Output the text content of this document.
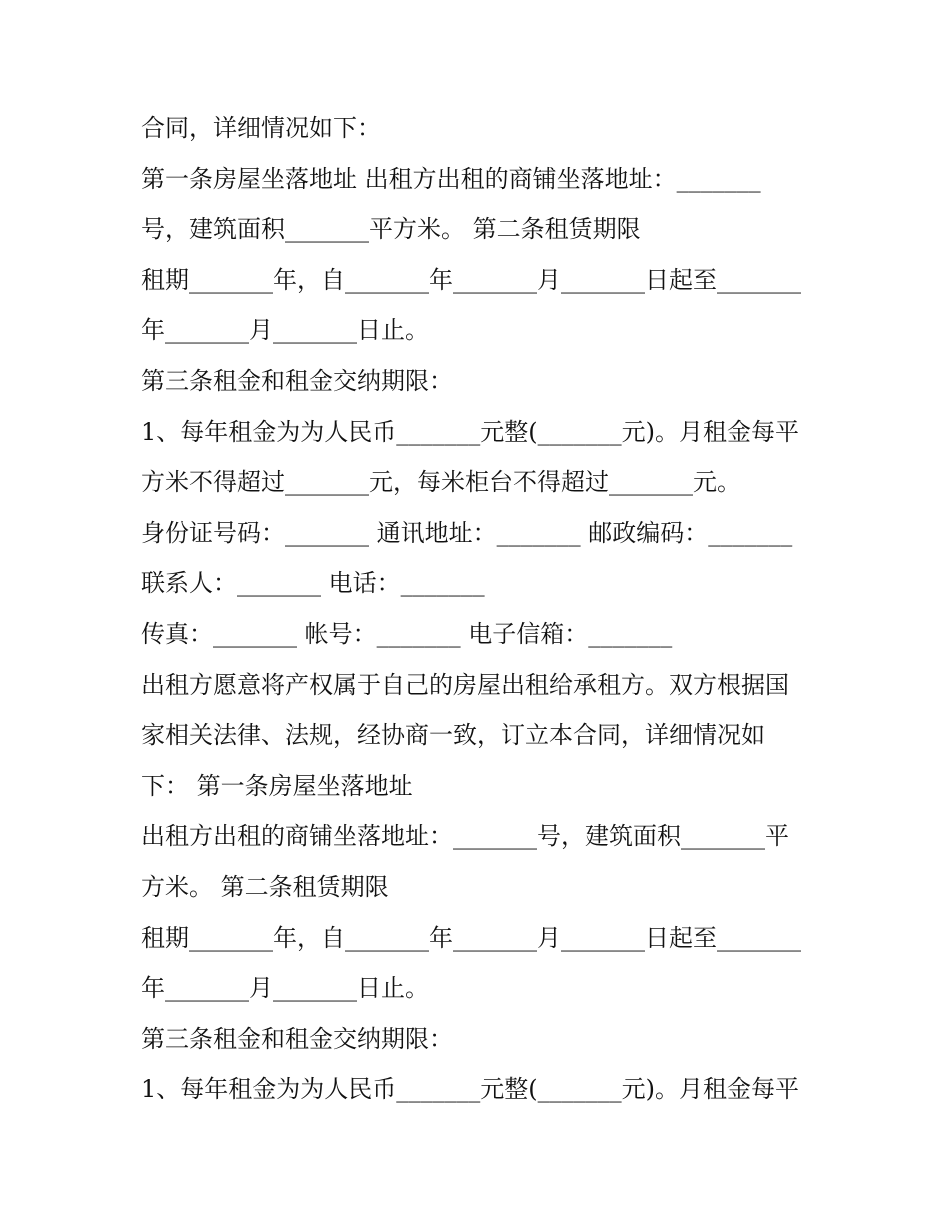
合同，详细情况如下：
第一条房屋坐落地址 出租方出租的商铺坐落地址：_______
号，建筑面积_______平方米。 第二条租赁期限
租期_______年，自_______年_______月_______日起至_______
年_______月_______日止。
第三条租金和租金交纳期限：
1、每年租金为为人民币_______元整(_______元)。月租金每平
方米不得超过_______元，每米柜台不得超过_______元。
身份证号码：_______ 通讯地址：_______ 邮政编码：_______
联系人：_______ 电话：_______
传真：_______ 帐号：_______ 电子信箱：_______
出租方愿意将产权属于自己的房屋出租给承租方。双方根据国
家相关法律、法规，经协商一致，订立本合同，详细情况如
下： 第一条房屋坐落地址
出租方出租的商铺坐落地址：_______号，建筑面积_______平
方米。 第二条租赁期限
租期_______年，自_______年_______月_______日起至_______
年_______月_______日止。
第三条租金和租金交纳期限：
1、每年租金为为人民币_______元整(_______元)。月租金每平
